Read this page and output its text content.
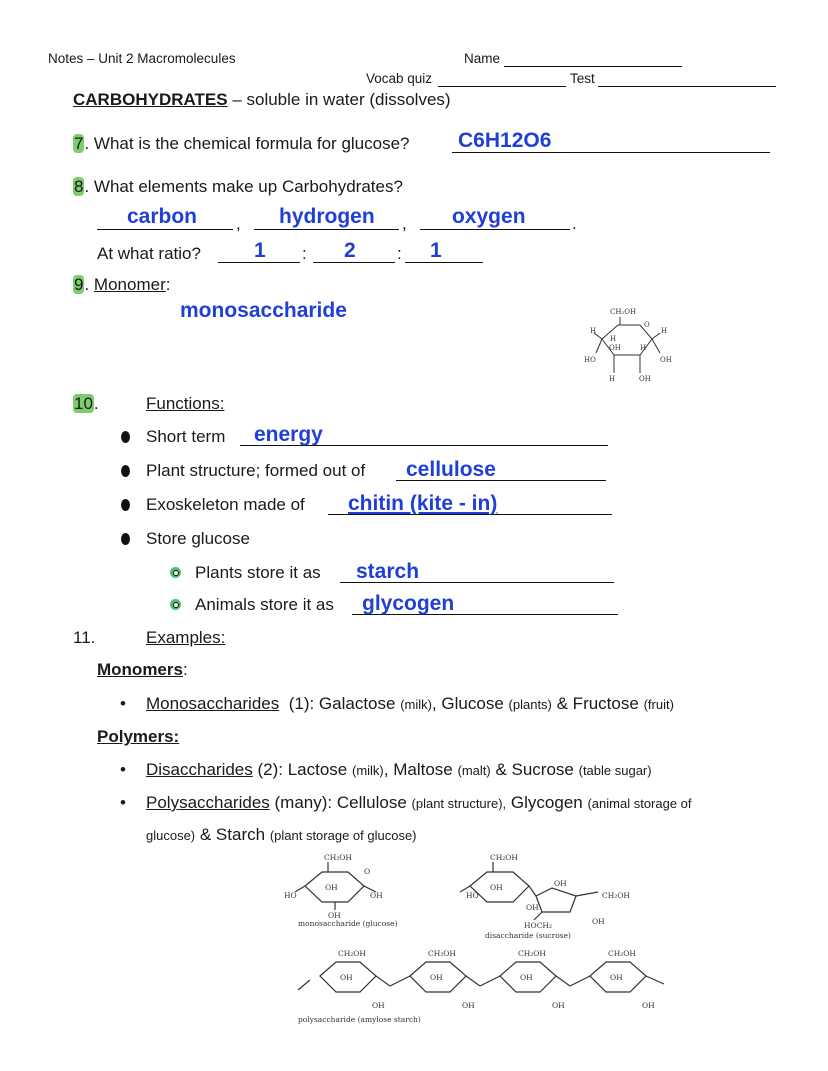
Notes – Unit 2 Macromolecules	Name
Vocab quiz	Test
CARBOHYDRATES – soluble in water (dissolves)
7. What is the chemical formula for glucose? C6H12O6
8. What elements make up Carbohydrates?
carbon , hydrogen , oxygen	.
At what ratio?	1 : 2 : 1
9. Monomer:
monosaccharide	CH₂OH
O
H	H
H
OH	H
HO	OH
H	OH
10.	Functions:
Short term energy
Plant structure; formed out of cellulose
Exoskeleton made of chitin (kite - in)
Store glucose
Plants store it as starch
Animals store it as glycogen
11.	Examples:
Monomers:
• Monosaccharides (1): Galactose (milk), Glucose (plants) & Fructose (fruit)
Polymers:
• Disaccharides (2): Lactose (milk), Maltose (malt) & Sucrose (table sugar)
• Polysaccharides (many): Cellulose (plant structure), Glycogen (animal storage of
glucose) & Starch (plant storage of glucose)
CH₂OH
O
OH
HO	OH
OH
monosaccharide (glucose)
CH₂OH
OH
HO
OH
OH
CH₂OH
HOCH₂	OH
disaccharide (sucrose)
CH₂OH	CH₂OH	CH₂OH	CH₂OH
OH	OH	OH	OH
OH	OH	OH	OH
polysaccharide (amylose starch)
